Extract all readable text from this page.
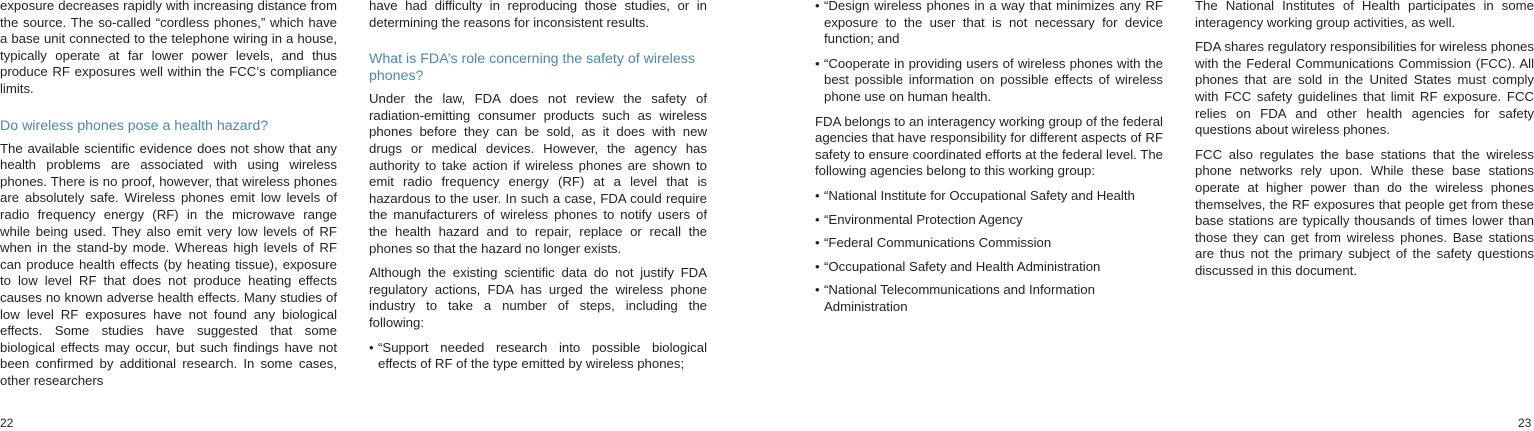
exposure decreases rapidly with increasing distance from the source. The so-called “cordless phones,” which have a base unit connected to the telephone wiring in a house, typically operate at far lower power levels, and thus produce RF exposures well within the FCC’s compliance limits.

Do wireless phones pose a health hazard?

The available scientific evidence does not show that any health problems are associated with using wireless phones. There is no proof, however, that wireless phones are absolutely safe. Wireless phones emit low levels of radio frequency energy (RF) in the microwave range while being used. They also emit very low levels of RF when in the stand-by mode. Whereas high levels of RF can produce health effects (by heating tissue), exposure to low level RF that does not produce heating effects causes no known adverse health effects. Many studies of low level RF exposures have not found any biological effects. Some studies have suggested that some biological effects may occur, but such findings have not been confirmed by additional research. In some cases, other researchers

have had difficulty in reproducing those studies, or in determining the reasons for inconsistent results.

What is FDA’s role concerning the safety of wireless phones?

Under the law, FDA does not review the safety of radiation-emitting consumer products such as wireless phones before they can be sold, as it does with new drugs or medical devices. However, the agency has authority to take action if wireless phones are shown to emit radio frequency energy (RF) at a level that is hazardous to the user. In such a case, FDA could require the manufacturers of wireless phones to notify users of the health hazard and to repair, replace or recall the phones so that the hazard no longer exists.

Although the existing scientific data do not justify FDA regulatory actions, FDA has urged the wireless phone industry to take a number of steps, including the following:

• “Support needed research into possible biological effects of RF of the type emitted by wireless phones;
22
• “Design wireless phones in a way that minimizes any RF exposure to the user that is not necessary for device function; and
• “Cooperate in providing users of wireless phones with the best possible information on possible effects of wireless phone use on human health.

FDA belongs to an interagency working group of the federal agencies that have responsibility for different aspects of RF safety to ensure coordinated efforts at the federal level. The following agencies belong to this working group:

• “National Institute for Occupational Safety and Health
• “Environmental Protection Agency
• “Federal Communications Commission
• “Occupational Safety and Health Administration
• “National Telecommunications and Information Administration

The National Institutes of Health participates in some interagency working group activities, as well.

FDA shares regulatory responsibilities for wireless phones with the Federal Communications Commission (FCC). All phones that are sold in the United States must comply with FCC safety guidelines that limit RF exposure. FCC relies on FDA and other health agencies for safety questions about wireless phones.

FCC also regulates the base stations that the wireless phone networks rely upon. While these base stations operate at higher power than do the wireless phones themselves, the RF exposures that people get from these base stations are typically thousands of times lower than those they can get from wireless phones. Base stations are thus not the primary subject of the safety questions discussed in this document.

23
